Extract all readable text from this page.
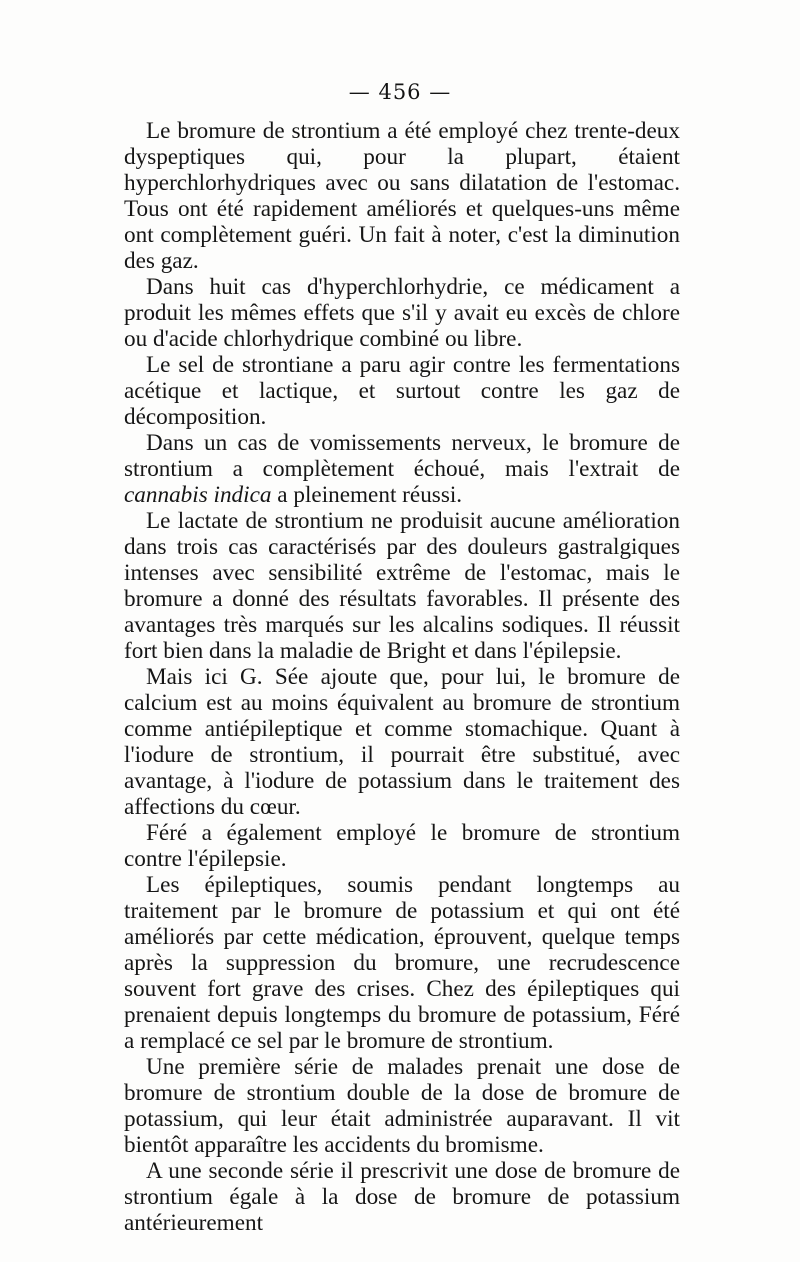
— 456 —

Le bromure de strontium a été employé chez trente-deux dyspeptiques qui, pour la plupart, étaient hyperchlorhydriques avec ou sans dilatation de l'estomac. Tous ont été rapidement améliorés et quelques-uns même ont complètement guéri. Un fait à noter, c'est la diminution des gaz.

Dans huit cas d'hyperchlorhydrie, ce médicament a produit les mêmes effets que s'il y avait eu excès de chlore ou d'acide chlorhydrique combiné ou libre.

Le sel de strontiane a paru agir contre les fermentations acétique et lactique, et surtout contre les gaz de décomposition.

Dans un cas de vomissements nerveux, le bromure de strontium a complètement échoué, mais l'extrait de cannabis indica a pleinement réussi.

Le lactate de strontium ne produisit aucune amélioration dans trois cas caractérisés par des douleurs gastralgiques intenses avec sensibilité extrême de l'estomac, mais le bromure a donné des résultats favorables. Il présente des avantages très marqués sur les alcalins sodiques. Il réussit fort bien dans la maladie de Bright et dans l'épilepsie.

Mais ici G. Sée ajoute que, pour lui, le bromure de calcium est au moins équivalent au bromure de strontium comme antiépileptique et comme stomachique. Quant à l'iodure de strontium, il pourrait être substitué, avec avantage, à l'iodure de potassium dans le traitement des affections du cœur.

Féré a également employé le bromure de strontium contre l'épilepsie.

Les épileptiques, soumis pendant longtemps au traitement par le bromure de potassium et qui ont été améliorés par cette médication, éprouvent, quelque temps après la suppression du bromure, une recrudescence souvent fort grave des crises. Chez des épileptiques qui prenaient depuis longtemps du bromure de potassium, Féré a remplacé ce sel par le bromure de strontium.

Une première série de malades prenait une dose de bromure de strontium double de la dose de bromure de potassium, qui leur était administrée auparavant. Il vit bientôt apparaître les accidents du bromisme.

A une seconde série il prescrivit une dose de bromure de strontium égale à la dose de bromure de potassium antérieurement
